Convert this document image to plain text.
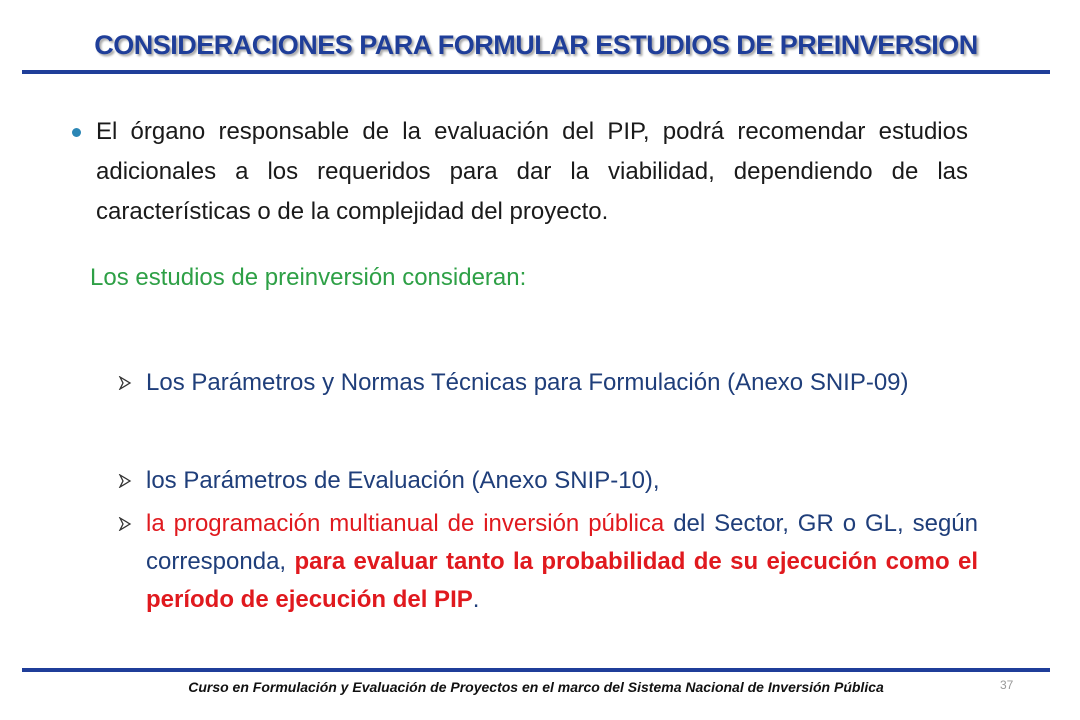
CONSIDERACIONES PARA FORMULAR ESTUDIOS DE PREINVERSION
El órgano responsable de la evaluación del PIP, podrá recomendar estudios adicionales a los requeridos para dar la viabilidad, dependiendo de las características o de la complejidad del proyecto.
Los estudios de preinversión consideran:
Los Parámetros y Normas Técnicas para Formulación (Anexo SNIP-09)
los Parámetros de Evaluación (Anexo SNIP-10),
la programación multianual de inversión pública del Sector, GR o GL, según corresponda, para evaluar tanto la probabilidad de su ejecución como el período de ejecución del PIP.
Curso en Formulación y Evaluación de Proyectos en el marco del Sistema Nacional de Inversión Pública	37
